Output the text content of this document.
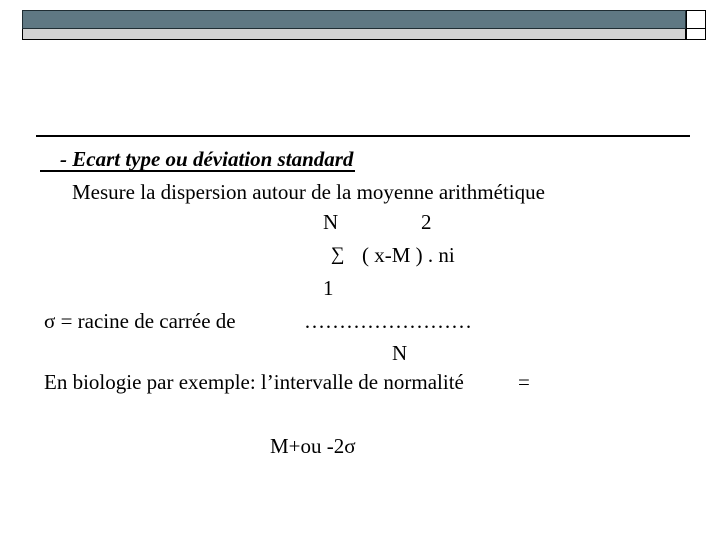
- Ecart type ou déviation standard
Mesure la dispersion autour de la moyenne arithmétique
N	2
∑ ( x-M ) . ni
1
σ = racine de carrée de	……………………
N
En biologie par exemple: l’intervalle de normalité	=
M+ou -2σ
